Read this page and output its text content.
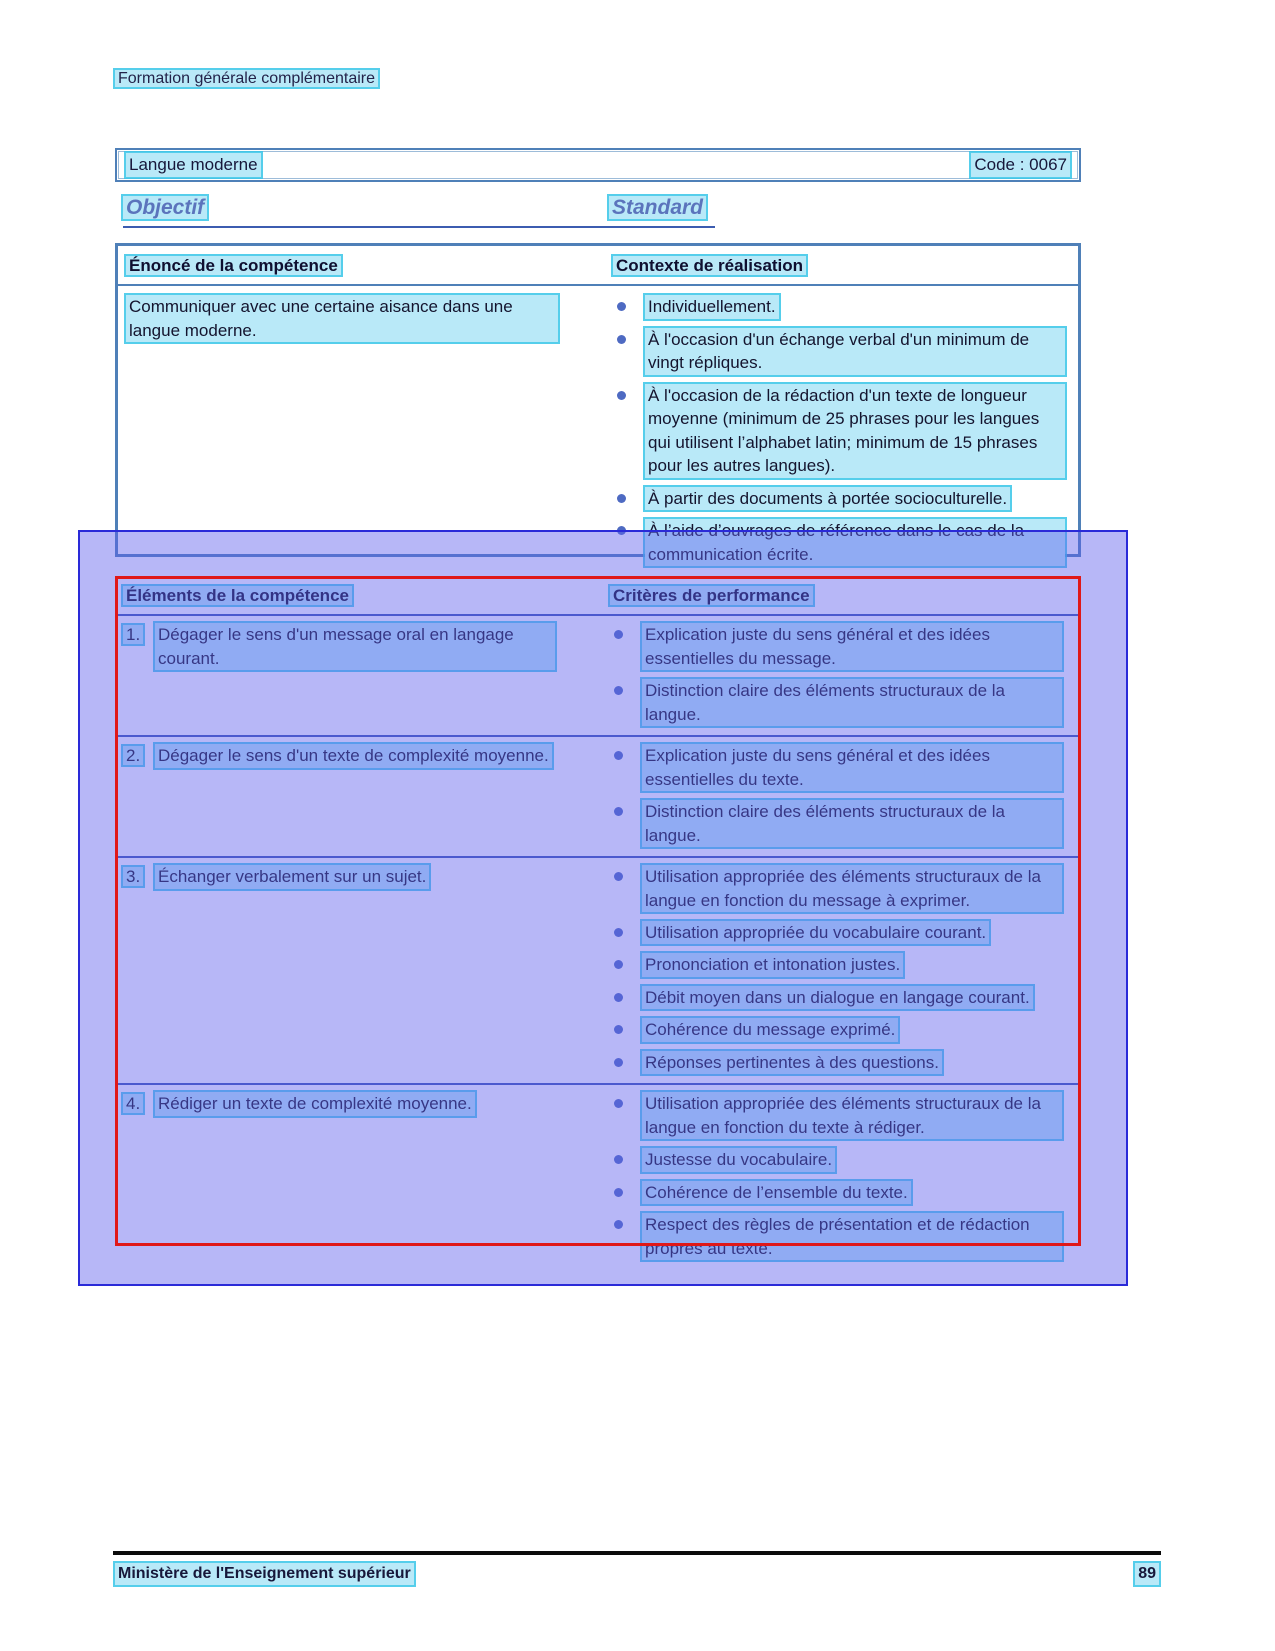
Formation générale complémentaire
Langue moderne	Code : 0067
Objectif	Standard
Énoncé de la compétence	Contexte de réalisation
Communiquer avec une certaine aisance dans une langue moderne.
Individuellement.
À l'occasion d'un échange verbal d'un minimum de vingt répliques.
À l'occasion de la rédaction d'un texte de longueur moyenne (minimum de 25 phrases pour les langues qui utilisent l’alphabet latin; minimum de 15 phrases pour les autres langues).
À partir des documents à portée socioculturelle.
À l’aide d’ouvrages de référence dans le cas de la communication écrite.
Éléments de la compétence	Critères de performance
1.	Dégager le sens d'un message oral en langage courant.
Explication juste du sens général et des idées essentielles du message.
Distinction claire des éléments structuraux de la langue.
2.	Dégager le sens d'un texte de complexité moyenne.	Explication juste du sens général et des idées essentielles du texte.
Distinction claire des éléments structuraux de la langue.
3.	Échanger verbalement sur un sujet.	Utilisation appropriée des éléments structuraux de la langue en fonction du message à exprimer.
Utilisation appropriée du vocabulaire courant.
Prononciation et intonation justes.
Débit moyen dans un dialogue en langage courant.
Cohérence du message exprimé.
Réponses pertinentes à des questions.
4.	Rédiger un texte de complexité moyenne.	Utilisation appropriée des éléments structuraux de la langue en fonction du texte à rédiger.
Justesse du vocabulaire.
Cohérence de l’ensemble du texte.
Respect des règles de présentation et de rédaction propres au texte.
Ministère de l'Enseignement supérieur	89
